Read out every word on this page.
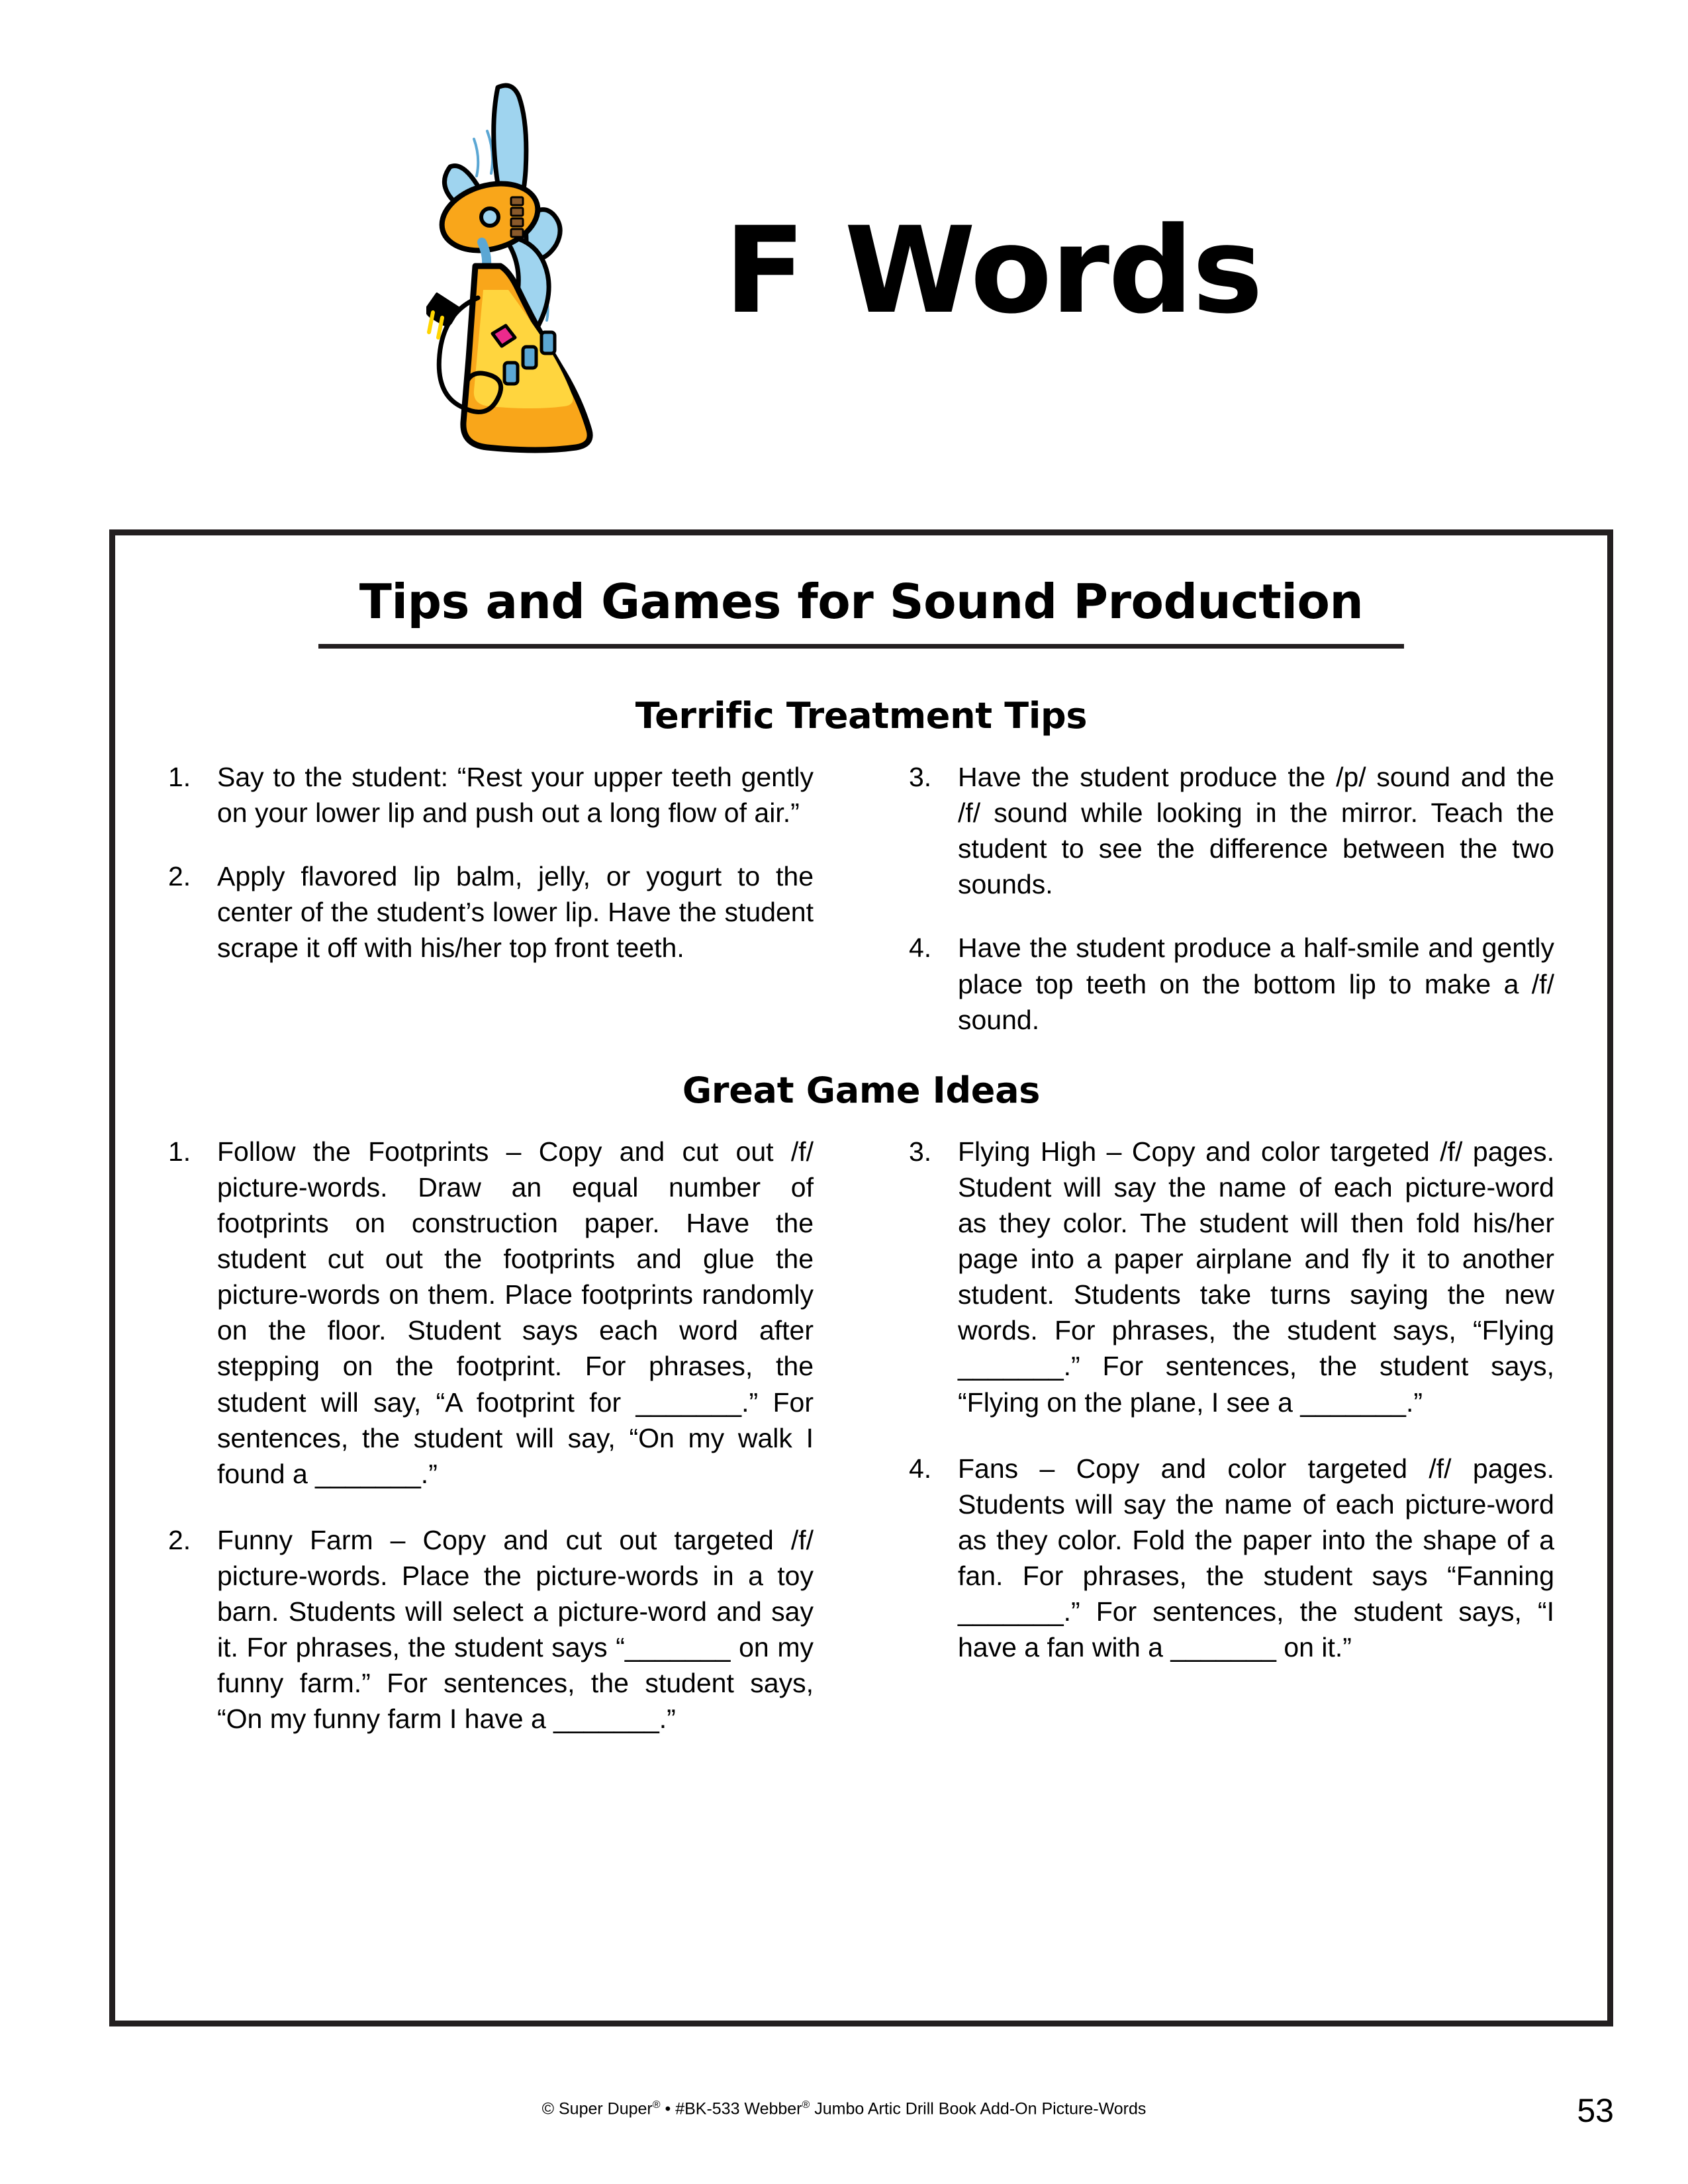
F Words
Tips and Games for Sound Production
Terrific Treatment Tips
1. Say to the student: “Rest your upper teeth gently on your lower lip and push out a long flow of air.”
2. Apply flavored lip balm, jelly, or yogurt to the center of the student’s lower lip. Have the student scrape it off with his/her top front teeth.
3. Have the student produce the /p/ sound and the /f/ sound while looking in the mirror. Teach the student to see the difference between the two sounds.
4. Have the student produce a half-smile and gently place top teeth on the bottom lip to make a /f/ sound.
Great Game Ideas
1. Follow the Footprints – Copy and cut out /f/ picture-words. Draw an equal number of footprints on construction paper. Have the student cut out the footprints and glue the picture-words on them. Place footprints randomly on the floor. Student says each word after stepping on the footprint. For phrases, the student will say, “A footprint for _______.” For sentences, the student will say, “On my walk I found a _______.”
2. Funny Farm – Copy and cut out targeted /f/ picture-words. Place the picture-words in a toy barn. Students will select a picture-word and say it. For phrases, the student says “_______ on my funny farm.” For sentences, the student says, “On my funny farm I have a _______.”
3. Flying High – Copy and color targeted /f/ pages. Student will say the name of each picture-word as they color. The student will then fold his/her page into a paper airplane and fly it to another student. Students take turns saying the new words. For phrases, the student says, “Flying _______.” For sentences, the student says, “Flying on the plane, I see a _______.”
4. Fans – Copy and color targeted /f/ pages. Students will say the name of each picture-word as they color. Fold the paper into the shape of a fan. For phrases, the student says “Fanning _______.” For sentences, the student says, “I have a fan with a _______ on it.”
© Super Duper® • #BK-533 Webber® Jumbo Artic Drill Book Add-On Picture-Words	53
